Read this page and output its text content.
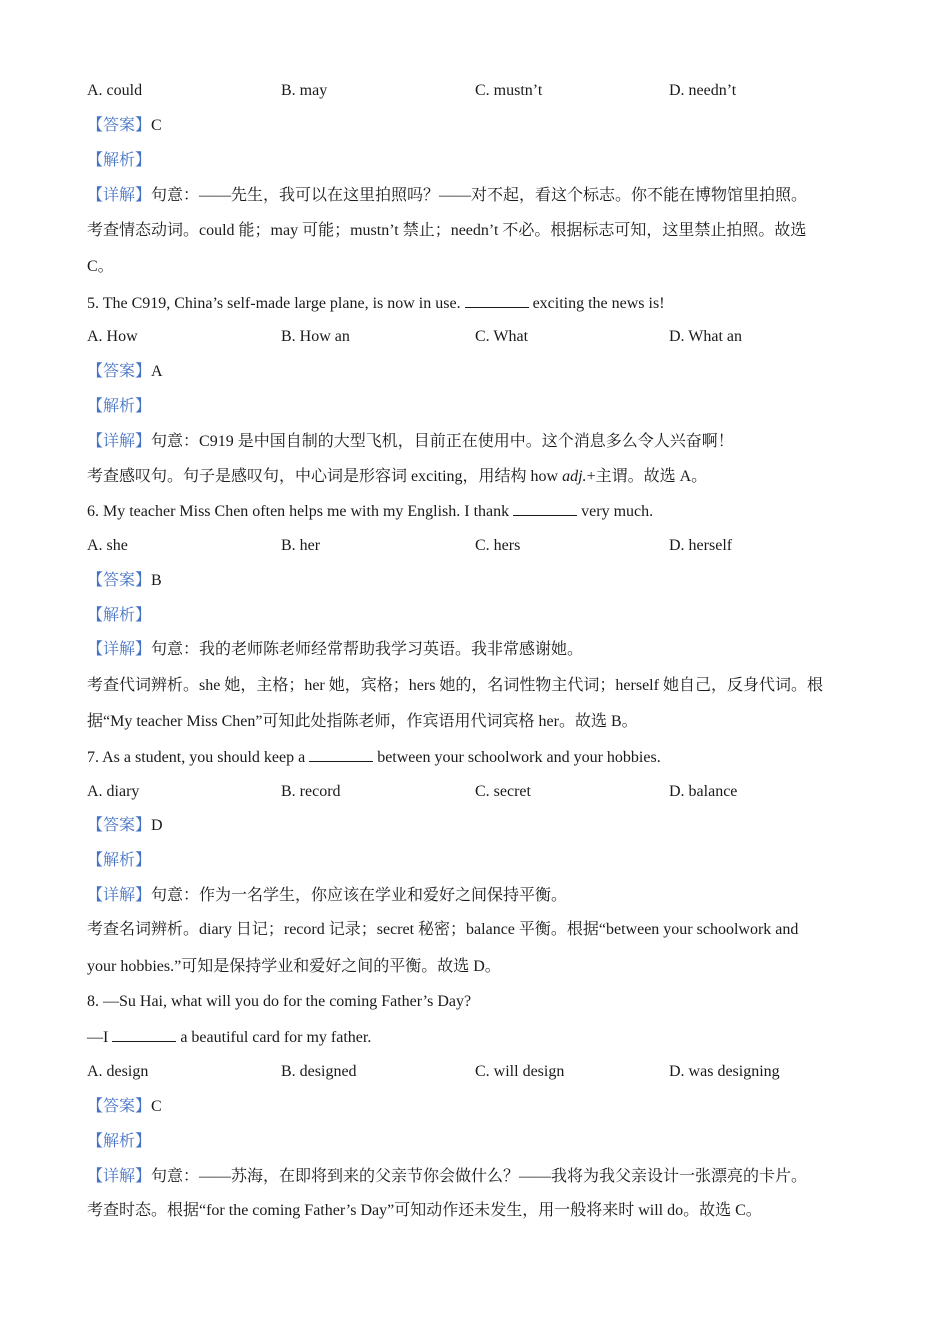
A. could	B. may	C. mustn’t	D. needn’t
【答案】C
【解析】
【详解】句意：——先生，我可以在这里拍照吗？——对不起，看这个标志。你不能在博物馆里拍照。
考查情态动词。could 能；may 可能；mustn’t 禁止；needn’t 不必。根据标志可知，这里禁止拍照。故选
C。
5. The C919, China’s self-made large plane, is now in use.	exciting the news is!
A. How	B. How an	C. What	D. What an
【答案】A
【解析】
【详解】句意：C919 是中国自制的大型飞机，目前正在使用中。这个消息多么令人兴奋啊！
考查感叹句。句子是感叹句，中心词是形容词 exciting，用结构 how adj.+主谓。故选 A。
6. My teacher Miss Chen often helps me with my English. I thank	very much.
A. she	B. her	C. hers	D. herself
【答案】B
【解析】
【详解】句意：我的老师陈老师经常帮助我学习英语。我非常感谢她。
考查代词辨析。she 她，主格；her 她，宾格；hers 她的，名词性物主代词；herself 她自己，反身代词。根
据“My teacher Miss Chen”可知此处指陈老师，作宾语用代词宾格 her。故选 B。
7. As a student, you should keep a	between your schoolwork and your hobbies.
A. diary	B. record	C. secret	D. balance
【答案】D
【解析】
【详解】句意：作为一名学生，你应该在学业和爱好之间保持平衡。
考查名词辨析。diary 日记；record 记录；secret 秘密；balance 平衡。根据“between your schoolwork and
your hobbies.”可知是保持学业和爱好之间的平衡。故选 D。
8. —Su Hai, what will you do for the coming Father’s Day?
—I	a beautiful card for my father.
A. design	B. designed	C. will design	D. was designing
【答案】C
【解析】
【详解】句意：——苏海，在即将到来的父亲节你会做什么？——我将为我父亲设计一张漂亮的卡片。
考查时态。根据“for the coming Father’s Day”可知动作还未发生，用一般将来时 will do。故选 C。
